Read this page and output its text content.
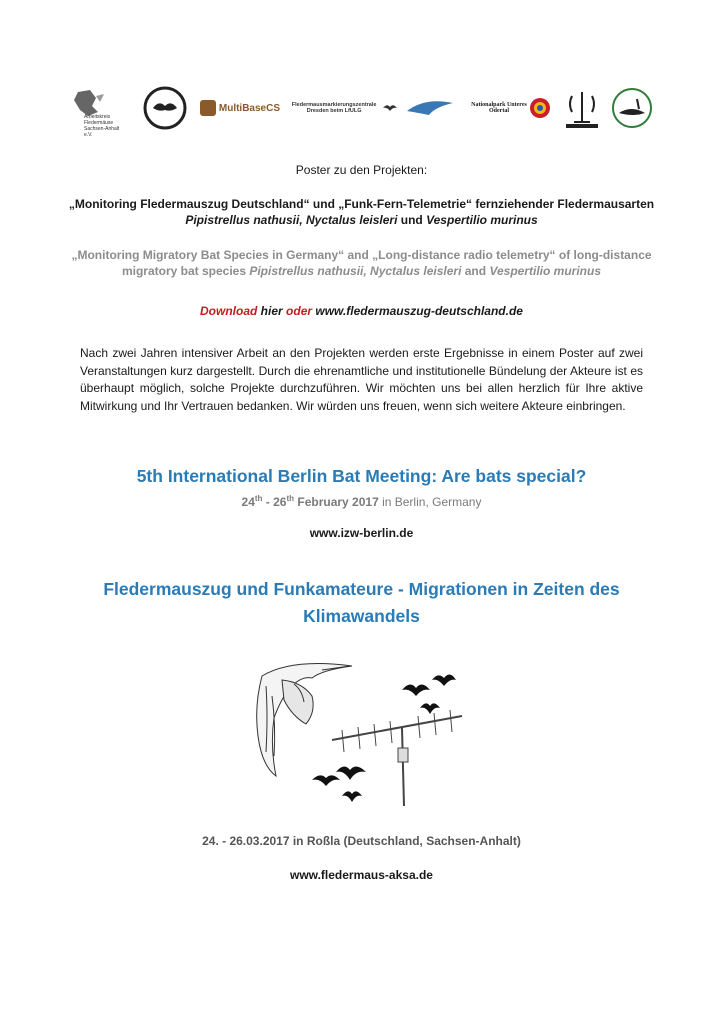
Arbeitskreis Fledermäuse Sachsen-Anhalt e.V.
MultiBaseCS	Fledermausmarkierungszentrale Dresden beim LfULG
Nationalpark Unteres Odertal
Poster zu den Projekten:
„Monitoring Fledermauszug Deutschland“ und „Funk-Fern-Telemetrie“ fernziehender Fledermausarten
Pipistrellus nathusii, Nyctalus leisleri und Vespertilio murinus
„Monitoring Migratory Bat Species in Germany“ and „Long-distance radio telemetry“ of long-distance
migratory bat species Pipistrellus nathusii, Nyctalus leisleri and Vespertilio murinus
Download hier oder www.fledermauszug-deutschland.de
Nach zwei Jahren intensiver Arbeit an den Projekten werden erste Ergebnisse in einem Poster auf zwei Veranstaltungen kurz dargestellt. Durch die ehrenamtliche und institutionelle Bündelung der Akteure ist es überhaupt möglich, solche Projekte durchzuführen. Wir möchten uns bei allen herzlich für Ihre aktive Mitwirkung und Ihr Vertrauen bedanken. Wir würden uns freuen, wenn sich weitere Akteure einbringen.
5th International Berlin Bat Meeting: Are bats special?
24th - 26th February 2017 in Berlin, Germany
www.izw-berlin.de
Fledermauszug und Funkamateure - Migrationen in Zeiten des
Klimawandels
24. - 26.03.2017 in Roßla (Deutschland, Sachsen-Anhalt)
www.fledermaus-aksa.de
